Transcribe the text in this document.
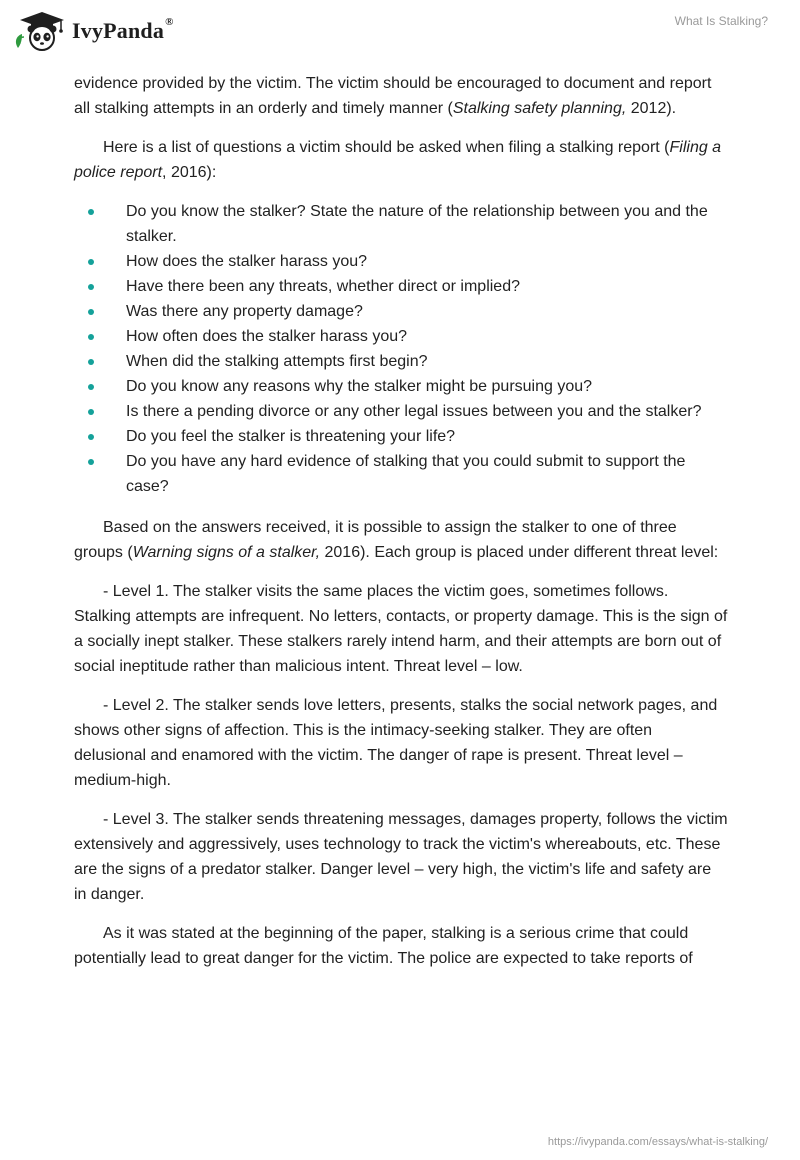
IvyPanda®	What Is Stalking?

evidence provided by the victim. The victim should be encouraged to document and report all stalking attempts in an orderly and timely manner (Stalking safety planning, 2012).

Here is a list of questions a victim should be asked when filing a stalking report (Filing a police report, 2016):

Do you know the stalker? State the nature of the relationship between you and the stalker.
How does the stalker harass you?
Have there been any threats, whether direct or implied?
Was there any property damage?
How often does the stalker harass you?
When did the stalking attempts first begin?
Do you know any reasons why the stalker might be pursuing you?
Is there a pending divorce or any other legal issues between you and the stalker?
Do you feel the stalker is threatening your life?
Do you have any hard evidence of stalking that you could submit to support the case?

Based on the answers received, it is possible to assign the stalker to one of three groups (Warning signs of a stalker, 2016). Each group is placed under different threat level:

- Level 1. The stalker visits the same places the victim goes, sometimes follows. Stalking attempts are infrequent. No letters, contacts, or property damage. This is the sign of a socially inept stalker. These stalkers rarely intend harm, and their attempts are born out of social ineptitude rather than malicious intent. Threat level – low.

- Level 2. The stalker sends love letters, presents, stalks the social network pages, and shows other signs of affection. This is the intimacy-seeking stalker. They are often delusional and enamored with the victim. The danger of rape is present. Threat level – medium-high.

- Level 3. The stalker sends threatening messages, damages property, follows the victim extensively and aggressively, uses technology to track the victim's whereabouts, etc. These are the signs of a predator stalker. Danger level – very high, the victim's life and safety are in danger.

As it was stated at the beginning of the paper, stalking is a serious crime that could potentially lead to great danger for the victim. The police are expected to take reports of

https://ivypanda.com/essays/what-is-stalking/
